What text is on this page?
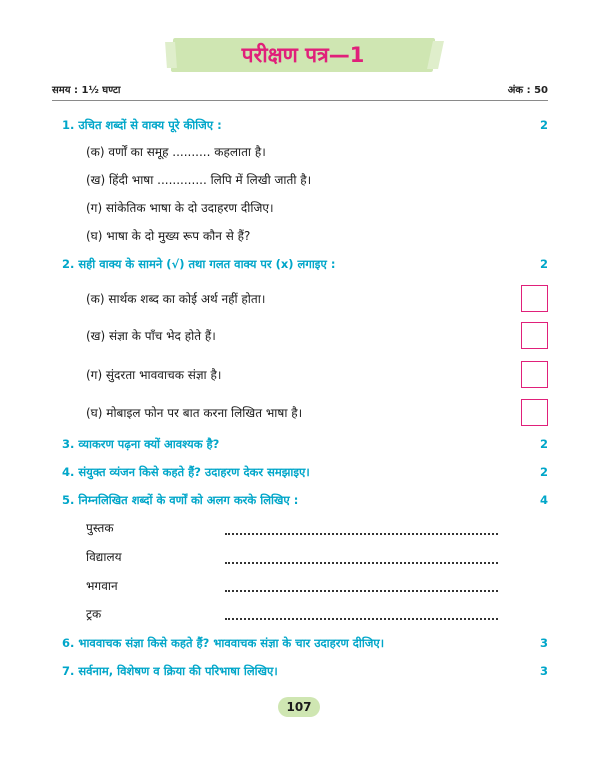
परीक्षण पत्र—1
समय : 1½ घण्टा	अंक : 50
1. उचित शब्दों से वाक्य पूरे कीजिए :	2
(क) वर्णों का समूह .......... कहलाता है।
(ख) हिंदी भाषा ............. लिपि में लिखी जाती है।
(ग) सांकेतिक भाषा के दो उदाहरण दीजिए।
(घ) भाषा के दो मुख्य रूप कौन से हैं?
2. सही वाक्य के सामने (√) तथा गलत वाक्य पर (x) लगाइए :	2
(क) सार्थक शब्द का कोई अर्थ नहीं होता।
(ख) संज्ञा के पाँच भेद होते हैं।
(ग) सुंदरता भाववाचक संज्ञा है।
(घ) मोबाइल फोन पर बात करना लिखित भाषा है।
3. व्याकरण पढ़ना क्यों आवश्यक है?	2
4. संयुक्त व्यंजन किसे कहते हैं? उदाहरण देकर समझाइए।	2
5. निम्नलिखित शब्दों के वर्णों को अलग करके लिखिए :	4
पुस्तक
विद्यालय
भगवान
ट्रक
6. भाववाचक संज्ञा किसे कहते हैं? भाववाचक संज्ञा के चार उदाहरण दीजिए।	3
7. सर्वनाम, विशेषण व क्रिया की परिभाषा लिखिए।	3
107
